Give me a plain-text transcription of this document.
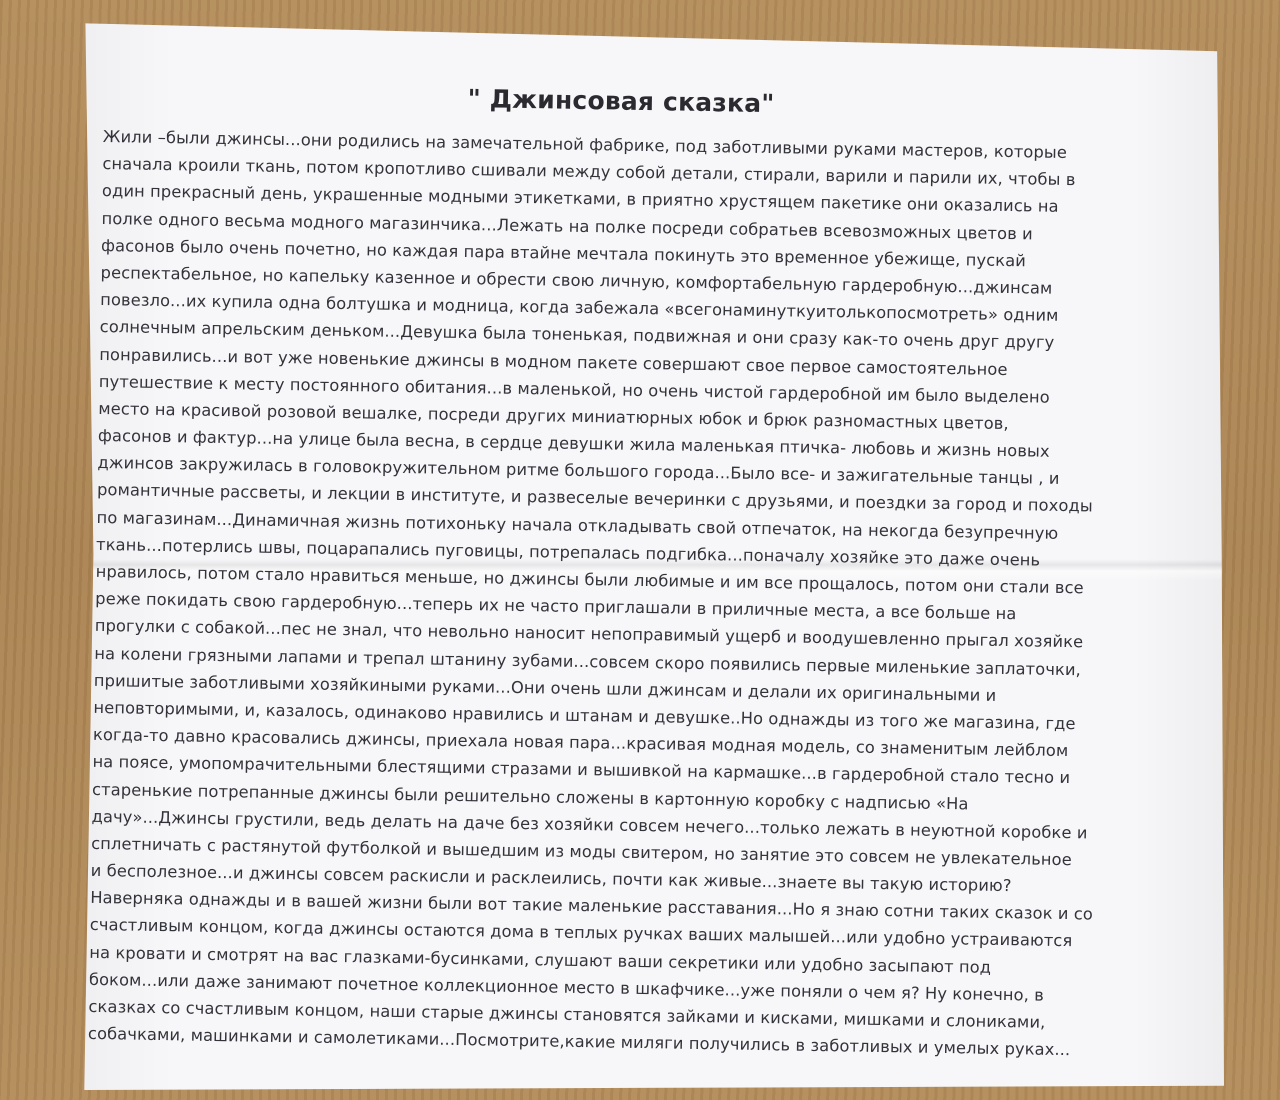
" Джинсовая сказка"
Жили –были джинсы...они родились на замечательной фабрике, под заботливыми руками мастеров, которые
сначала кроили ткань, потом кропотливо сшивали между собой детали, стирали, варили и парили их, чтобы в
один прекрасный день, украшенные модными этикетками, в приятно хрустящем пакетике они оказались на
полке одного весьма модного магазинчика...Лежать на полке посреди собратьев всевозможных цветов и
фасонов было очень почетно, но каждая пара втайне мечтала покинуть это временное убежище, пускай
респектабельное, но капельку казенное и обрести свою личную, комфортабельную гардеробную...джинсам
повезло...их купила одна болтушка и модница, когда забежала «всегонаминуткуитолькопосмотреть» одним
солнечным апрельским деньком...Девушка была тоненькая, подвижная и они сразу как-то очень друг другу
понравились...и вот уже новенькие джинсы в модном пакете совершают свое первое самостоятельное
путешествие к месту постоянного обитания...в маленькой, но очень чистой гардеробной им было выделено
место на красивой розовой вешалке, посреди других миниатюрных юбок и брюк разномастных цветов,
фасонов и фактур...на улице была весна, в сердце девушки жила маленькая птичка- любовь и жизнь новых
джинсов закружилась в головокружительном ритме большого города...Было все- и зажигательные танцы , и
романтичные рассветы, и лекции в институте, и развеселые вечеринки с друзьями, и поездки за город и походы
по магазинам...Динамичная жизнь потихоньку начала откладывать свой отпечаток, на некогда безупречную
ткань...потерлись швы, поцарапались пуговицы, потрепалась подгибка...поначалу хозяйке это даже очень
нравилось, потом стало нравиться меньше, но джинсы были любимые и им все прощалось, потом они стали все
реже покидать свою гардеробную...теперь их не часто приглашали в приличные места, а все больше на
прогулки с собакой...пес не знал, что невольно наносит непоправимый ущерб и воодушевленно прыгал хозяйке
на колени грязными лапами и трепал штанину зубами...совсем скоро появились первые миленькие заплаточки,
пришитые заботливыми хозяйкиными руками...Они очень шли джинсам и делали их оригинальными и
неповторимыми, и, казалось, одинаково нравились и штанам и девушке..Но однажды из того же магазина, где
когда-то давно красовались джинсы, приехала новая пара...красивая модная модель, со знаменитым лейблом
на поясе, умопомрачительными блестящими стразами и вышивкой на кармашке...в гардеробной стало тесно и
старенькие потрепанные джинсы были решительно сложены в картонную коробку с надписью «На
дачу»...Джинсы грустили, ведь делать на даче без хозяйки совсем нечего...только лежать в неуютной коробке и
сплетничать с растянутой футболкой и вышедшим из моды свитером, но занятие это совсем не увлекательное
и бесполезное...и джинсы совсем раскисли и расклеились, почти как живые...знаете вы такую историю?
Наверняка однажды и в вашей жизни были вот такие маленькие расставания...Но я знаю сотни таких сказок и со
счастливым концом, когда джинсы остаются дома в теплых ручках ваших малышей...или удобно устраиваются
на кровати и смотрят на вас глазками-бусинками, слушают ваши секретики или удобно засыпают под
боком...или даже занимают почетное коллекционное место в шкафчике...уже поняли о чем я? Ну конечно, в
сказках со счастливым концом, наши старые джинсы становятся зайками и кисками, мишками и слониками,
собачками, машинками и самолетиками...Посмотрите,какие миляги получились в заботливых и умелых руках...
